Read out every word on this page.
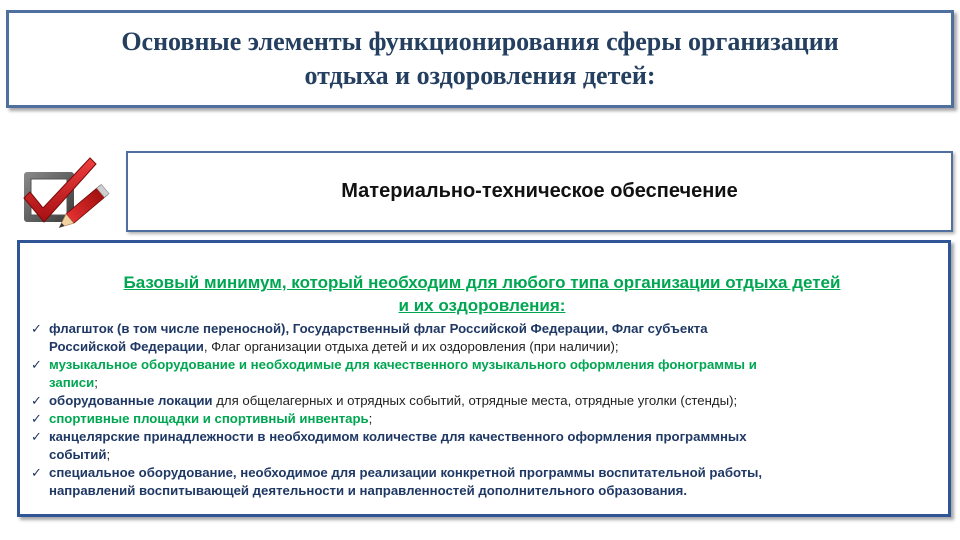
Основные элементы функционирования сферы организации
отдыха и оздоровления детей:
Материально-техническое обеспечение
Базовый минимум, который необходим для любого типа организации отдыха детей
и их оздоровления:
✓ флагшток (в том числе переносной), Государственный флаг Российской Федерации, Флаг субъекта
Российской Федерации, Флаг организации отдыха детей и их оздоровления (при наличии);
✓ музыкальное оборудование и необходимые для качественного музыкального оформления фонограммы и
записи;
✓ оборудованные локации для общелагерных и отрядных событий, отрядные места, отрядные уголки (стенды);
✓ спортивные площадки и спортивный инвентарь;
✓ канцелярские принадлежности в необходимом количестве для качественного оформления программных
событий;
✓ специальное оборудование, необходимое для реализации конкретной программы воспитательной работы,
направлений воспитывающей деятельности и направленностей дополнительного образования.
